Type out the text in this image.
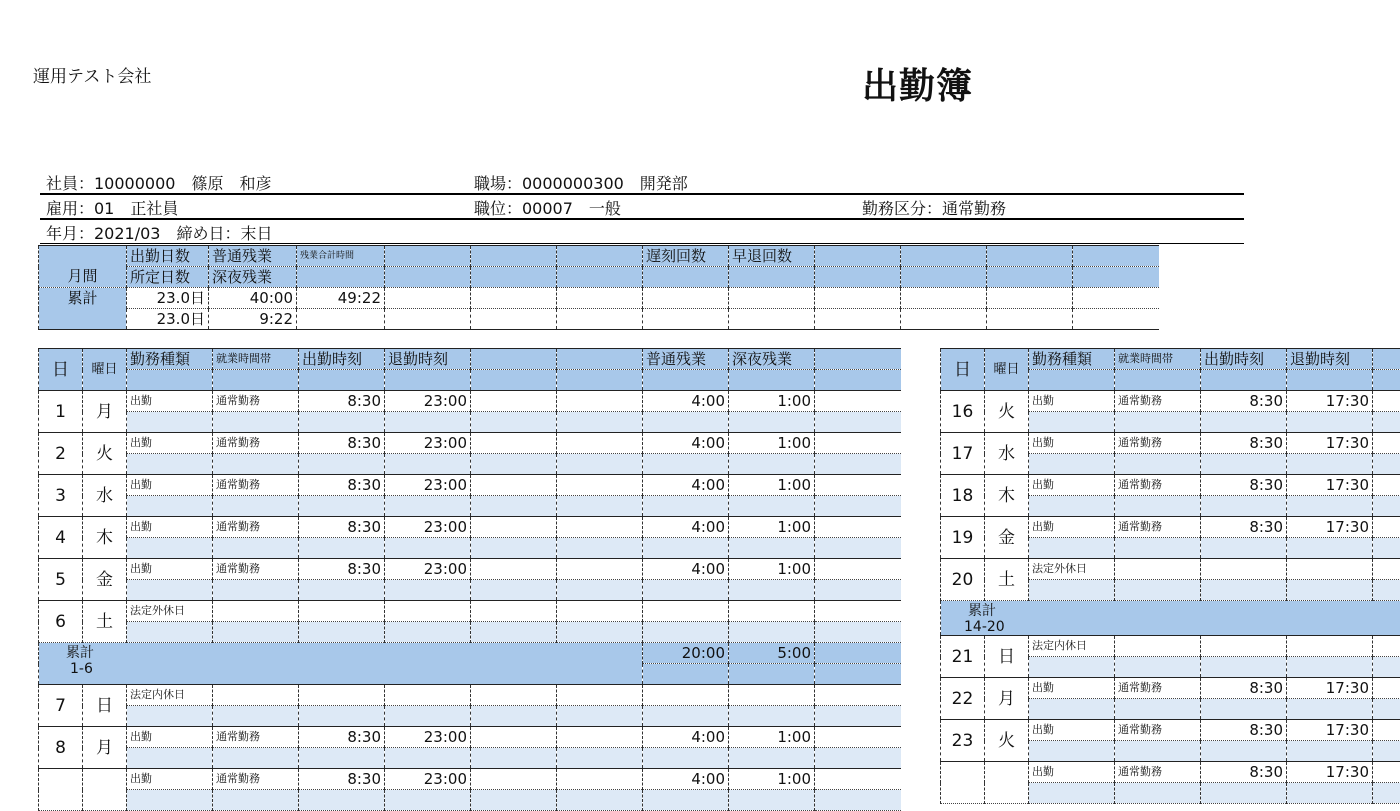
運用テスト会社	出勤簿
社員：10000000　篠原　和彦	職場：0000000300　開発部
雇用：01　正社員	職位：00007　一般	勤務区分：通常勤務
年月：2021/03　締め日：末日
月間	出勤日数	普通残業	残業合計時間				遅刻回数	早退回数				
	所定日数	深夜残業										

累計	23.0日	40:00	49:22									
	23.0日	9:22										
日	曜日	勤務種類	就業時間帯	出勤時刻	退勤時刻			普通残業	深夜残業	

1	月	出勤	通常勤務	8:30	23:00			4:00	1:00	

2	火	出勤	通常勤務	8:30	23:00			4:00	1:00	

3	水	出勤	通常勤務	8:30	23:00			4:00	1:00	

4	木	出勤	通常勤務	8:30	23:00			4:00	1:00	

5	金	出勤	通常勤務	8:30	23:00			4:00	1:00	

6	土	法定外休日								

累計
1-6								20:00	5:00	

7	日	法定内休日								

8	月	出勤	通常勤務	8:30	23:00			4:00	1:00	

		出勤	通常勤務	8:30	23:00			4:00	1:00	

日	曜日	勤務種類	就業時間帯	出勤時刻	退勤時刻	

16	火	出勤	通常勤務	8:30	17:30	

17	水	出勤	通常勤務	8:30	17:30	

18	木	出勤	通常勤務	8:30	17:30	

19	金	出勤	通常勤務	8:30	17:30	

20	土	法定外休日				

累計
14-20						

21	日	法定内休日				

22	月	出勤	通常勤務	8:30	17:30	

23	火	出勤	通常勤務	8:30	17:30	

		出勤	通常勤務	8:30	17:30	
